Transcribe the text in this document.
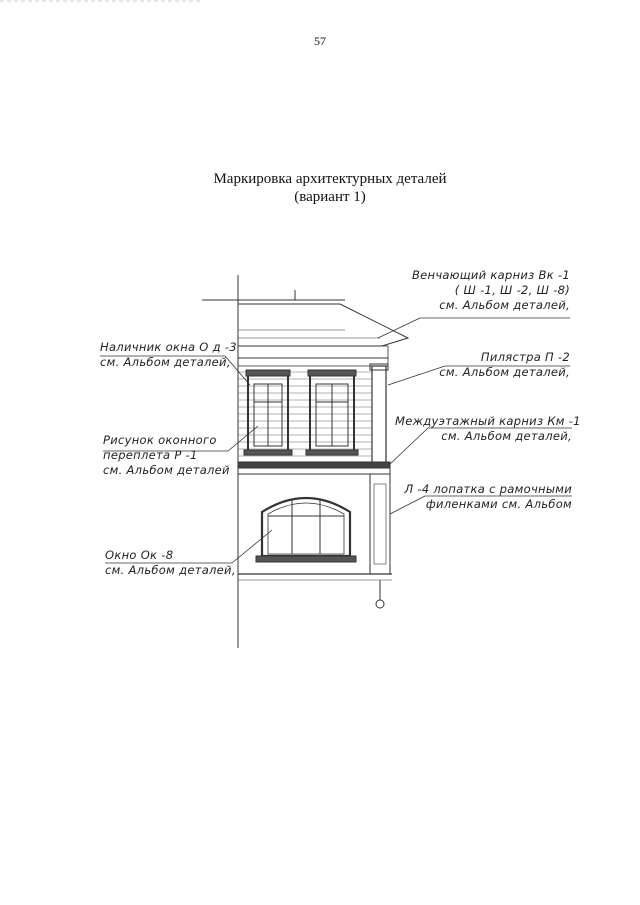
57
Маркировка архитектурных деталей
(вариант 1)
Венчающий карниз Вк -1
( Ш -1, Ш -2, Ш -8)
см. Альбом деталей,
Пилястра П -2
см. Альбом деталей,
Междуэтажный карниз Км -1
см. Альбом деталей,
Л -4 лопатка с рамочными
филенками см. Альбом
Наличник окна О д -3
см. Альбом деталей,
Рисунок оконного
переплета Р -1
см. Альбом деталей
Окно Ок -8
см. Альбом деталей,
